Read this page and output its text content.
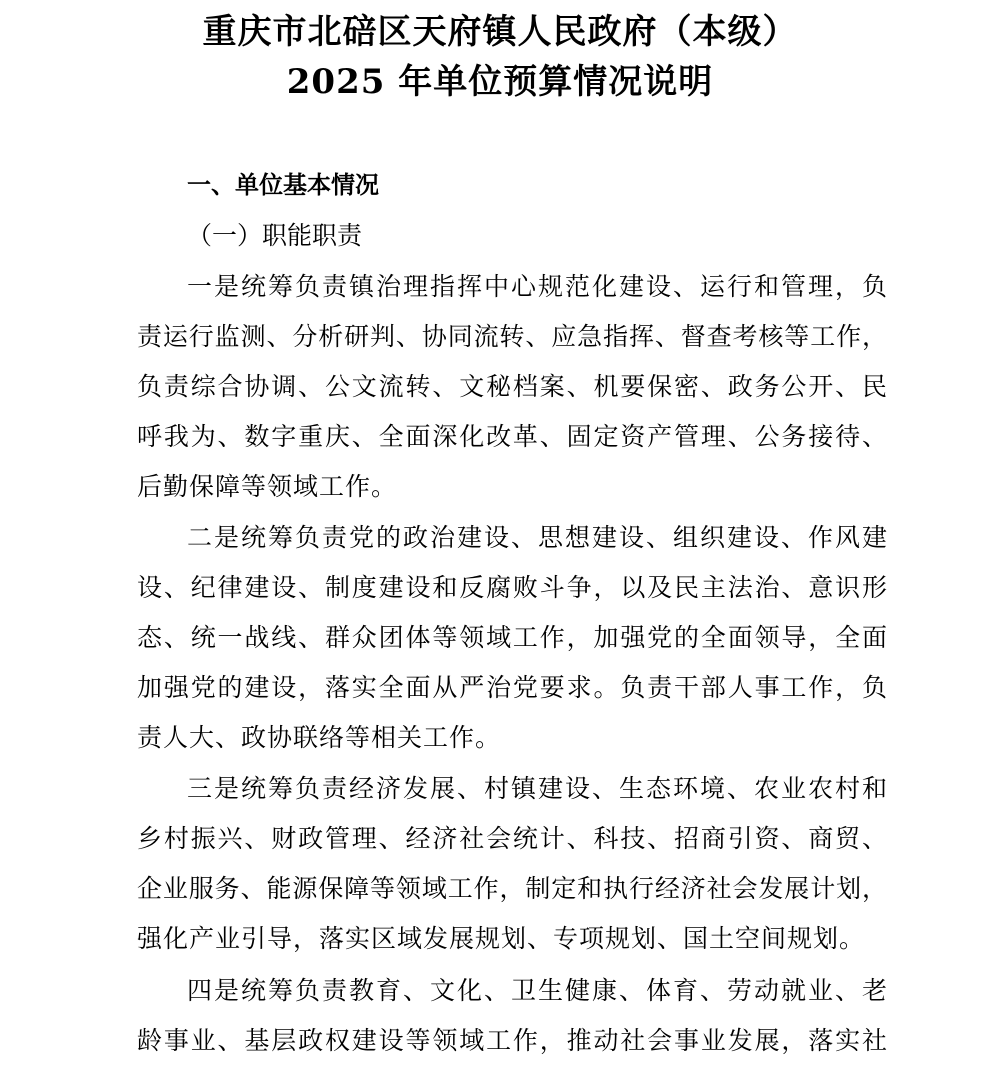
重庆市北碚区天府镇人民政府（本级）
2025 年单位预算情况说明
一、单位基本情况
（一）职能职责
一是统筹负责镇治理指挥中心规范化建设、运行和管理，负
责运行监测、分析研判、协同流转、应急指挥、督查考核等工作，
负责综合协调、公文流转、文秘档案、机要保密、政务公开、民
呼我为、数字重庆、全面深化改革、固定资产管理、公务接待、
后勤保障等领域工作。
二是统筹负责党的政治建设、思想建设、组织建设、作风建
设、纪律建设、制度建设和反腐败斗争，以及民主法治、意识形
态、统一战线、群众团体等领域工作，加强党的全面领导，全面
加强党的建设，落实全面从严治党要求。负责干部人事工作，负
责人大、政协联络等相关工作。
三是统筹负责经济发展、村镇建设、生态环境、农业农村和
乡村振兴、财政管理、经济社会统计、科技、招商引资、商贸、
企业服务、能源保障等领域工作，制定和执行经济社会发展计划，
强化产业引导，落实区域发展规划、专项规划、国土空间规划。
四是统筹负责教育、文化、卫生健康、体育、劳动就业、老
龄事业、基层政权建设等领域工作，推动社会事业发展，落实社
